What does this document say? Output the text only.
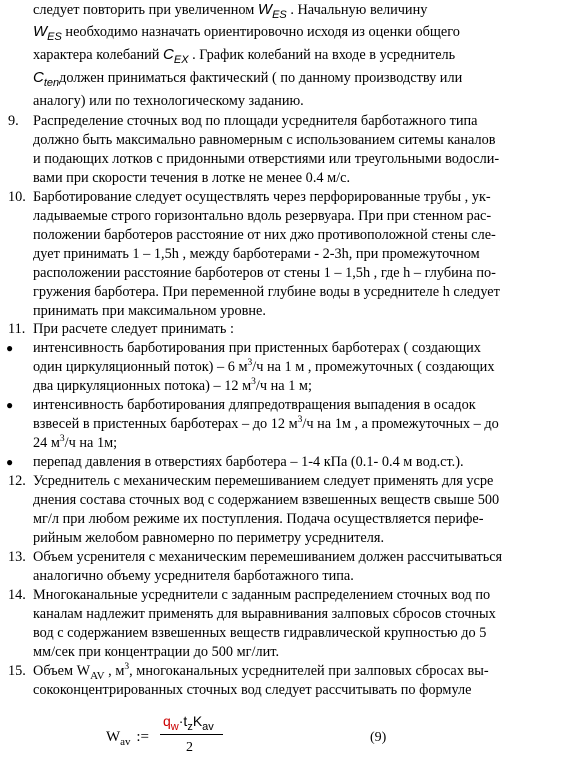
следует повторить при увеличенном $W_{ES}$ . Начальную величину
$W_{ES}$ необходимо назначать ориентировочно исходя из оценки общего
характера колебаний $C_{EX}$ . График колебаний на входе в усреднитель
$C_{ten}должен$ приниматься фактический ( по данному производству или
аналогу) или по технологическому заданию.
9. Распределение сточных вод по площади усреднителя барботажного типа
должно быть максимально равномерным с использованием ситемы каналов
и подающих лотков с придонными отверстиями или треугольными водосли-
вами при скорости течения в лотке не менее 0.4 м/с.
10. Барботирование следует осуществлять через перфорированные трубы , ук-
ладываемые строго горизонтально вдоль резервуара. При при стенном рас-
положении барботеров расстояние от них джо противоположной стены сле-
дует принимать 1 – 1,5h , между барботерами - 2-3h, при промежуточном
расположении расстояние барботеров от стены 1 – 1,5h , где h – глубина по-
гружения барботера. При переменной глубине воды в усреднителе h следует
принимать при максимальном уровне.
11. При расчете следует принимать :
● интенсивность барботирования при пристенных барботерах ( создающих
один циркуляционный поток) – 6 $м^3/ч$ на 1 м , промежуточных ( создающих
два циркуляционных потока) – 12 $м^3/ч$ на 1 м;
● интенсивность барботирования дляпредотвращения выпадения в осадок
взвесей в пристенных барботерах – до 12 $м^3/ч$ на 1м , а промежуточных – до
24 $м^3/ч$ на 1м;
● перепад давления в отверстиях барботера – 1-4 кПа (0.1- 0.4 м вод.ст.).
12. Усреднитель с механическим перемешиванием следует применять для усре
днения состава сточных вод с содержанием взвешенных веществ свыше 500
мг/л при любом режиме их поступления. Подача осуществляется перифе-
рийным желобом равномерно по периметру усреднителя.
13. Объем усренителя с механическим перемешиванием должен рассчитываться
аналогично объему усреднителя барботажного типа.
14. Многоканальные усреднители с заданным распределением сточных вод по
каналам надлежит применять для выравнивания залповых сбросов сточных
вод с содержанием взвешенных веществ гидравлической крупностью до 5
мм/сек при концентрации до 500 мг/лит.
15. Объем $W_{AV}$ , $м^3$, многоканальных усреднителей при залповых сбросах вы-
сококонцентрированных сточных вод следует рассчитывать по формуле
$W_{av}$ :=
$q_w\cdot t_zK_{av}$
2
(9)
